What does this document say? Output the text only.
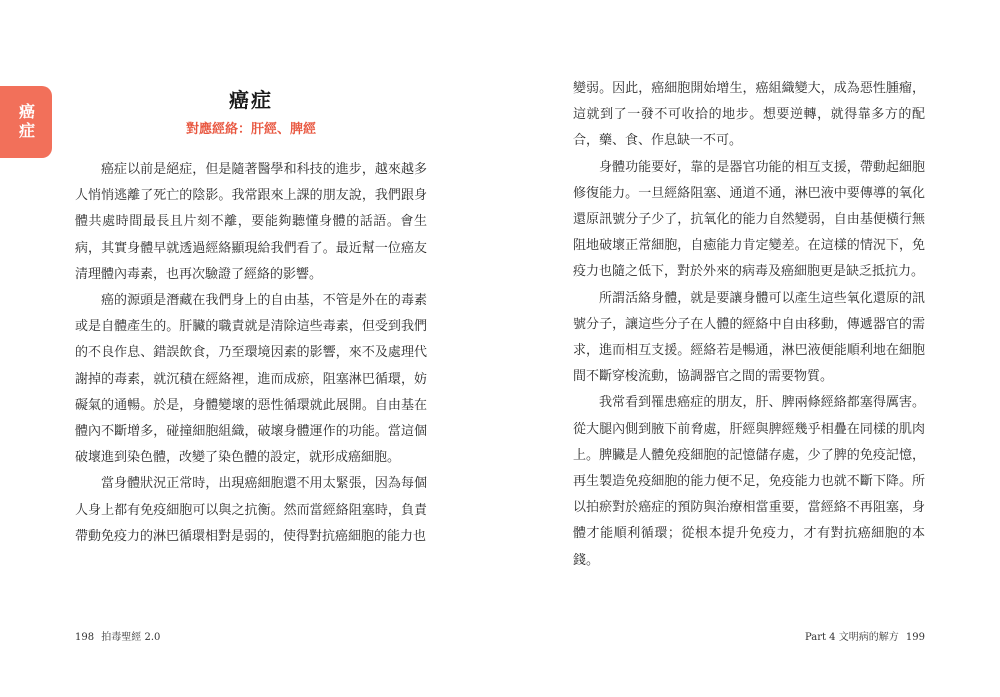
癌症
癌症
對應經絡：肝經、脾經

癌症以前是絕症，但是隨著醫學和科技的進步，越來越多人悄悄逃離了死亡的陰影。我常跟來上課的朋友說，我們跟身體共處時間最長且片刻不離，要能夠聽懂身體的話語。會生病，其實身體早就透過經絡顯現給我們看了。最近幫一位癌友清理體內毒素，也再次驗證了經絡的影響。

癌的源頭是潛藏在我們身上的自由基，不管是外在的毒素或是自體產生的。肝臟的職責就是清除這些毒素，但受到我們的不良作息、錯誤飲食，乃至環境因素的影響，來不及處理代謝掉的毒素，就沉積在經絡裡，進而成瘀，阻塞淋巴循環，妨礙氣的通暢。於是，身體變壞的惡性循環就此展開。自由基在體內不斷增多，碰撞細胞組織，破壞身體運作的功能。當這個破壞進到染色體，改變了染色體的設定，就形成癌細胞。

當身體狀況正常時，出現癌細胞還不用太緊張，因為每個人身上都有免疫細胞可以與之抗衡。然而當經絡阻塞時，負責帶動免疫力的淋巴循環相對是弱的，使得對抗癌細胞的能力也

變弱。因此，癌細胞開始增生，癌組織變大，成為惡性腫瘤，這就到了一發不可收拾的地步。想要逆轉，就得靠多方的配合，藥、食、作息缺一不可。

身體功能要好，靠的是器官功能的相互支援，帶動起細胞修復能力。一旦經絡阻塞、通道不通，淋巴液中要傳導的氧化還原訊號分子少了，抗氧化的能力自然變弱，自由基便橫行無阻地破壞正常細胞，自癒能力肯定變差。在這樣的情況下，免疫力也隨之低下，對於外來的病毒及癌細胞更是缺乏抵抗力。

所謂活絡身體，就是要讓身體可以產生這些氧化還原的訊號分子，讓這些分子在人體的經絡中自由移動，傳遞器官的需求，進而相互支援。經絡若是暢通，淋巴液便能順利地在細胞間不斷穿梭流動，協調器官之間的需要物質。

我常看到罹患癌症的朋友，肝、脾兩條經絡都塞得厲害。從大腿內側到腋下前脅處，肝經與脾經幾乎相疊在同樣的肌肉上。脾臟是人體免疫細胞的記憶儲存處，少了脾的免疫記憶，再生製造免疫細胞的能力便不足，免疫能力也就不斷下降。所以拍瘀對於癌症的預防與治療相當重要，當經絡不再阻塞，身體才能順利循環；從根本提升免疫力，才有對抗癌細胞的本錢。

198 拍毒聖經 2.0	Part 4 文明病的解方 199
